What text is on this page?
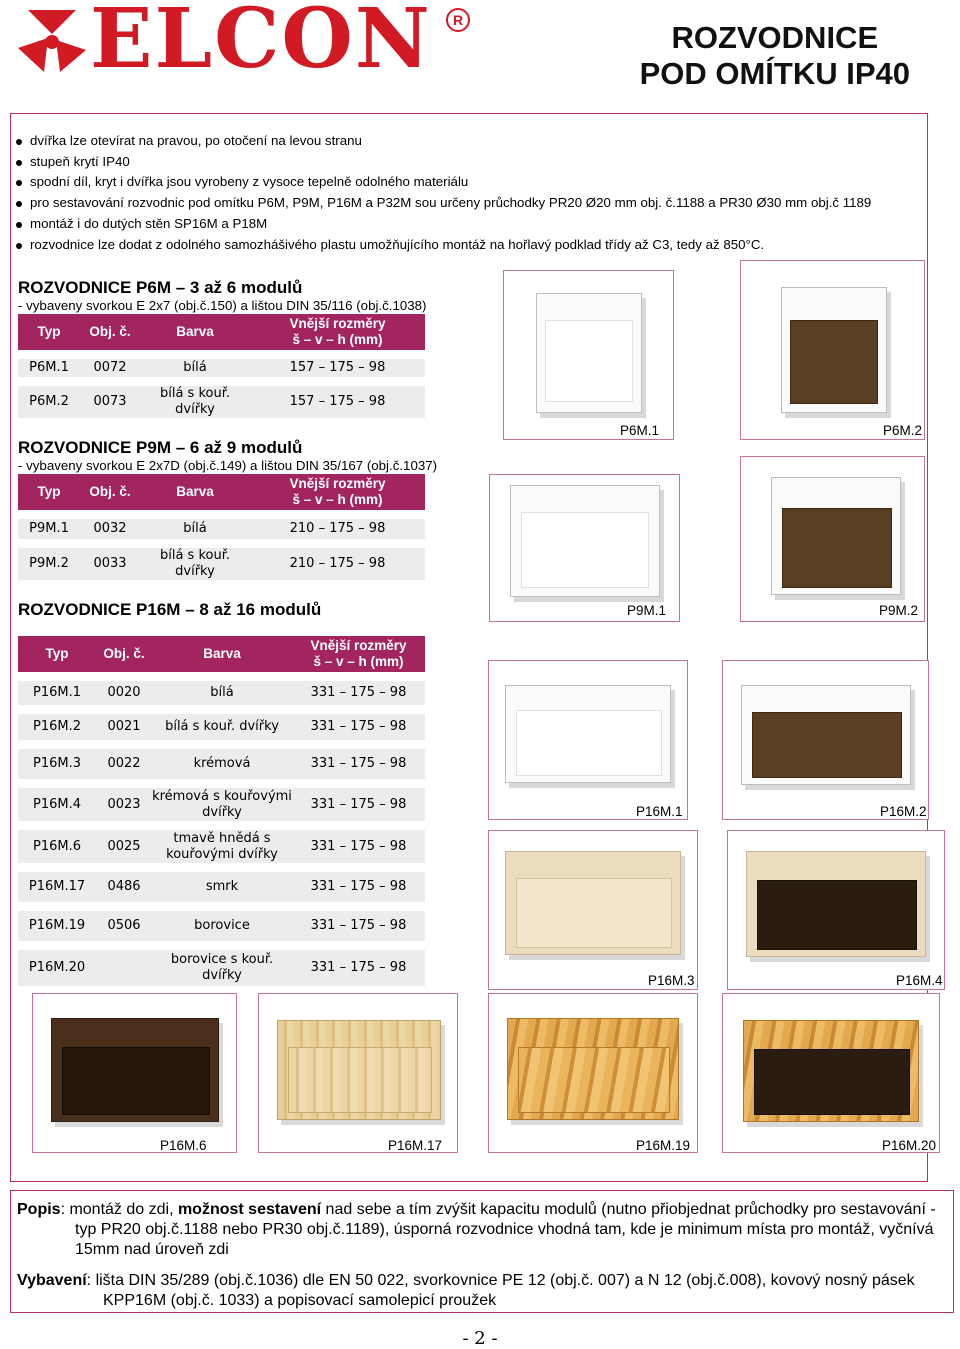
ELCON	R	ROZVODNICE
POD OMÍTKU IP40
dvířka lze otevírat na pravou, po otočení na levou stranu
stupeň krytí IP40
spodní díl, kryt i dvířka jsou vyrobeny z vysoce tepelně odolného materiálu
pro sestavování rozvodnic pod omítku P6M, P9M, P16M a P32M sou určeny průchodky PR20 Ø20 mm obj. č.1188 a PR30 Ø30 mm obj.č 1189
montáž i do dutých stěn SP16M a P18M
rozvodnice lze dodat z odolného samozhášivého plastu umožňujícího montáž na hořlavý podklad třídy až C3, tedy až 850°C.
ROZVODNICE P6M – 3 až 6 modulů
- vybaveny svorkou E 2x7 (obj.č.150) a lištou DIN 35/116 (obj.č.1038)
Typ	Obj. č.	Barva	Vnější rozměry
š – v – h (mm)

P6M.1	0072	bílá	157 – 175 – 98
P6M.2	0073	bílá s kouř. dvířky	157 – 175 – 98
ROZVODNICE P9M – 6 až 9 modulů
- vybaveny svorkou E 2x7D (obj.č.149) a lištou DIN 35/167 (obj.č.1037)
Typ	Obj. č.	Barva	Vnější rozměry
š – v – h (mm)

P9M.1	0032	bílá	210 – 175 – 98
P9M.2	0033	bílá s kouř. dvířky	210 – 175 – 98
ROZVODNICE P16M – 8 až 16 modulů
Typ	Obj. č.	Barva	Vnější rozměry
š – v – h (mm)

P16M.1	0020	bílá	331 – 175 – 98
P16M.2	0021	bílá s kouř. dvířky	331 – 175 – 98
P16M.3	0022	krémová	331 – 175 – 98
P16M.4	0023	krémová s kouřovými dvířky	331 – 175 – 98
P16M.6	0025	tmavě hnědá s kouřovými dvířky	331 – 175 – 98
P16M.17	0486	smrk	331 – 175 – 98
P16M.19	0506	borovice	331 – 175 – 98
P16M.20		borovice s kouř. dvířky	331 – 175 – 98
P6M.1	P6M.2
P9M.1	P9M.2
P16M.1	P16M.2
P16M.3	P16M.4
P16M.6	P16M.17	P16M.19	P16M.20

Popis: montáž do zdi, možnost sestavení nad sebe a tím zvýšit kapacitu modulů (nutno přiobjednat průchodky pro sestavování - typ PR20 obj.č.1188 nebo PR30 obj.č.1189), úsporná rozvodnice vhodná tam, kde je minimum místa pro montáž, vyčnívá 15mm nad úroveň zdi

Vybavení: lišta DIN 35/289 (obj.č.1036) dle EN 50 022, svorkovnice PE 12 (obj.č. 007) a N 12 (obj.č.008), kovový nosný pásek KPP16M (obj.č. 1033) a popisovací samolepicí proužek

- 2 -
